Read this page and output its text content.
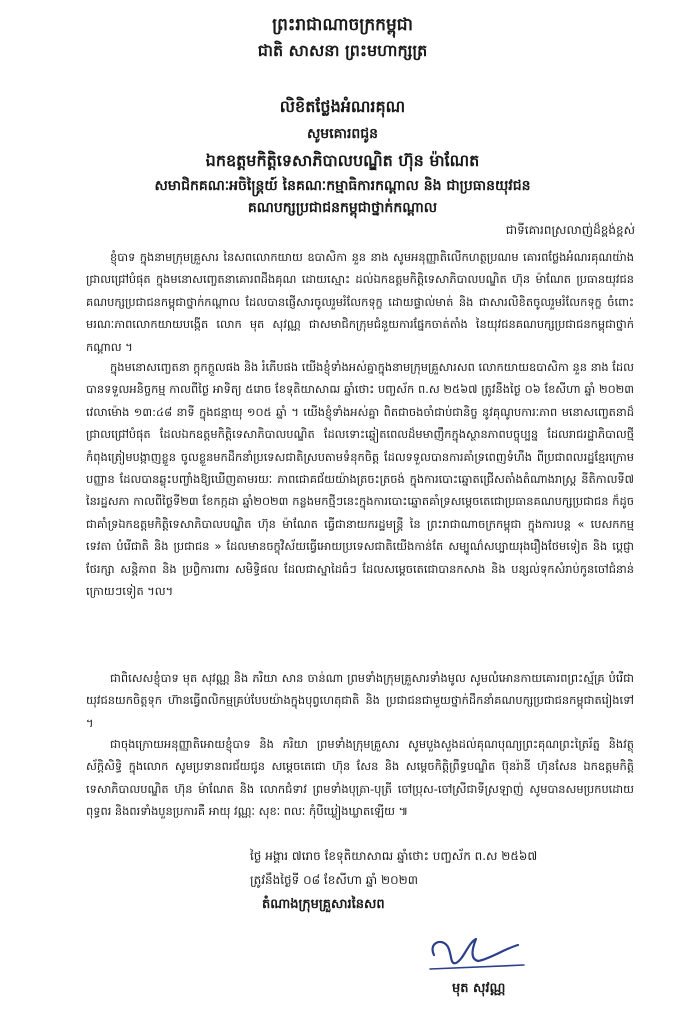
ព្រះរាជាណាចក្រកម្ពុជា
ជាតិ សាសនា ព្រះមហាក្សត្រ
លិខិតថ្លែងអំណរគុណ
សូមគោរពជូន
ឯកឧត្តមកិត្តិទេសាភិបាលបណ្ឌិត ហ៊ុន ម៉ាណែត
សមាជិកគណៈអចិន្ត្រៃយ៍ នៃគណៈកម្មាធិការកណ្តាល និង ជាប្រធានយុវជន
គណបក្សប្រជាជនកម្ពុជាថ្នាក់កណ្តាល
ជាទីគោរពស្រលាញ់ដ៏ខ្ពង់ខ្ពស់

ខ្ញុំបាទ ក្នុងនាមក្រុមគ្រួសារ នៃសពលោកយាយ ឧបាសិកា នួន នាង សូមអនុញ្ញាតិលើកហត្ថប្រណម គោរពថ្លែងអំណរគុណយ៉ាងជ្រាលជ្រៅបំផុត ក្នុងមនោសញ្ចេតនាគោរពដឹងគុណ ដោយស្មោះ ដល់ឯកឧត្តមកិត្តិទេសាភិបាលបណ្ឌិត ហ៊ុន ម៉ាណែត ប្រធានយុវជន គណបក្សប្រជាជនកម្ពុជាថ្នាក់កណ្តាល ដែលបានផ្ញើសារចូលរួមរំលែកទុក្ខ ដោយផ្ទាល់មាត់ និង ជាសារលិខិតចូលរួមរំលែកទុក្ខ ចំពោះមរណៈភាពលោកយាយបង្កើត លោក មុត សុវណ្ណ ជាសមាជិកក្រុមជំនួយការផ្នែកចាត់តាំង នៃយុវជនគណបក្សប្រជាជនកម្ពុជាថ្នាក់កណ្តាល ។

ក្នុងមនោសញ្ចេតនា ក្តុកក្តួលផង និង រំភើបផង យើងខ្ញុំទាំងអស់គ្នាក្នុងនាមក្រុមគ្រួសារសព លោកយាយឧបាសិកា នួន នាង ដែលបានទទួលអនិច្ចកម្ម កាលពីថ្ងៃ អាទិត្យ ៥រោច ខែទុតិយាសាឍ ឆ្នាំថោះ បញ្ចស័ក ព.ស ២៥៦៧ ត្រូវនឹងថ្ងៃ ០៦ ខែសីហា ឆ្នាំ ២០២៣ វេលាម៉ោង ១៣:៤៨ នាទី ក្នុងជន្មាយុ ១០៥ ឆ្នាំ ។ យើងខ្ញុំទាំងអស់គ្នា ពិតជាចងចាំជាប់ជានិច្ច នូវគុណូបការៈភាព មនោសញ្ចេតនាដ៏ជ្រាលជ្រៅបំផុត ដែលឯកឧត្តមកិត្តិទេសាភិបាលបណ្ឌិត ដែលទោះឆ្នៀតពេលដ៏មមាញឹកក្នុងស្ថានភាពបច្ចុប្បន្ន ដែលរាជរដ្ឋាភិបាលថ្មីកំពុងត្រៀមបង្កាញខ្លួន ចូលខ្លួនមកដឹកនាំប្រទេសជាតិស្របតាមទំនុកចិត្ត ដែលទទួលបានការគាំទ្រពេញទំហឹង ពីប្រជាពលរដ្ឋខ្មែរក្រោមបញ្ញាន ដែលបានឆ្លុះបញ្ចាំងឱ្យឃើញតាមរយៈ ភាពជោគជ័យយ៉ាងត្រចះត្រចង់ ក្នុងការបោះឆ្នោតជ្រើសតាំងតំណាងរាស្ត្រ នីតិកាលទី៧ នៃរដ្ឋសភា កាលពីថ្ងៃទី២៣ ខែកក្កដា ឆ្នាំ២០២៣ កន្លងមកថ្មីៗនេះក្នុងការបោះឆ្នោតគាំទ្រសម្តេចតេជោប្រធានគណបក្សប្រជាជន ក៏ដូចជាគាំទ្រឯកឧត្តមកិត្តិទេសាភិបាលបណ្ឌិត ហ៊ុន ម៉ាណែត ធ្វើជានាយករដ្ឋមន្ត្រី នៃ ព្រះរាជាណាចក្រកម្ពុជា ក្នុងការបន្ត « បេសកកម្មទេវតា បំរើជាតិ និង ប្រជាជន » ដែលមានចក្ខុវិស័យធ្វើអោយប្រទេសជាតិយើងកាន់តែ សម្បូណ៌សប្បាយរុងរឿងថែមទៀត និង ប្ដេជ្ញា ថែរក្សា សន្តិភាព និង ប្រព្ធិការពារ សមិទ្ធិផល ដែលជាស្នាដៃធំៗ ដែលសម្តេចតេជោបានកសាង និង បន្សល់ទុកសំរាប់កូនចៅជំនាន់ក្រោយៗទៀត ។ល។

ជាពិសេសខ្ញុំបាទ មុត សុវណ្ណ និង ភរិយា សាន ចាន់ណា ព្រមទាំងក្រុមគ្រួសារទាំងមូល សូមលំអោនកាយគោរពព្រះស្ម័គ្រ បំរើជាយុវជនយកចិត្តទុក ហ៊ានធ្វើពលិកម្មគ្រប់បែបយ៉ាងក្នុងបុព្វហេតុជាតិ និង ប្រជាជនជាមួយថ្នាក់ដឹកនាំគណបក្សប្រជាជនកម្ពុជាតរៀងទៅ ។

ជាចុងក្រោយអនុញ្ញាតិអោយខ្ញុំបាទ និង ភរិយា ព្រមទាំងក្រុមគ្រួសារ សូមបួងសួងដល់គុណបុណ្យព្រះគុណព្រះត្រៃរ័ត្ន និងវត្ថុស័ក្តិសិទ្ធិ ក្នុងលោក សូមប្រទានពរជ័យជូន សម្តេចតេជោ ហ៊ុន សែន និង សម្តេចកិត្តិព្រឹទ្ធបណ្ឌិត ប៊ុនរ៉ានី ហ៊ុនសែន ឯកឧត្តមកិត្តិទេសាភិបាលបណ្ឌិត ហ៊ុន ម៉ាណែត និង លោកជំទាវ ព្រមទាំងបុត្រា-បុត្រី ចៅប្រុស-ចៅស្រីជាទីស្រឡាញ់ សូមបានសមប្រកបដោយពុទ្ធពរ និងពរទាំងបួនប្រការគឺ អាយុ វណ្ណៈ សុខៈ ពលៈ កុំបីឃ្លៀងឃ្លាតឡើយ ៕

ថ្ងៃ អង្គារ ៧រោច ខែទុតិយាសាឍ ឆ្នាំថោះ បញ្ចស័ក ព.ស ២៥៦៧
ត្រូវនឹងថ្ងៃទី ០៨ ខែសីហា ឆ្នាំ ២០២៣
តំណាងក្រុមគ្រួសារនៃសព
មុត សុវណ្ណ
